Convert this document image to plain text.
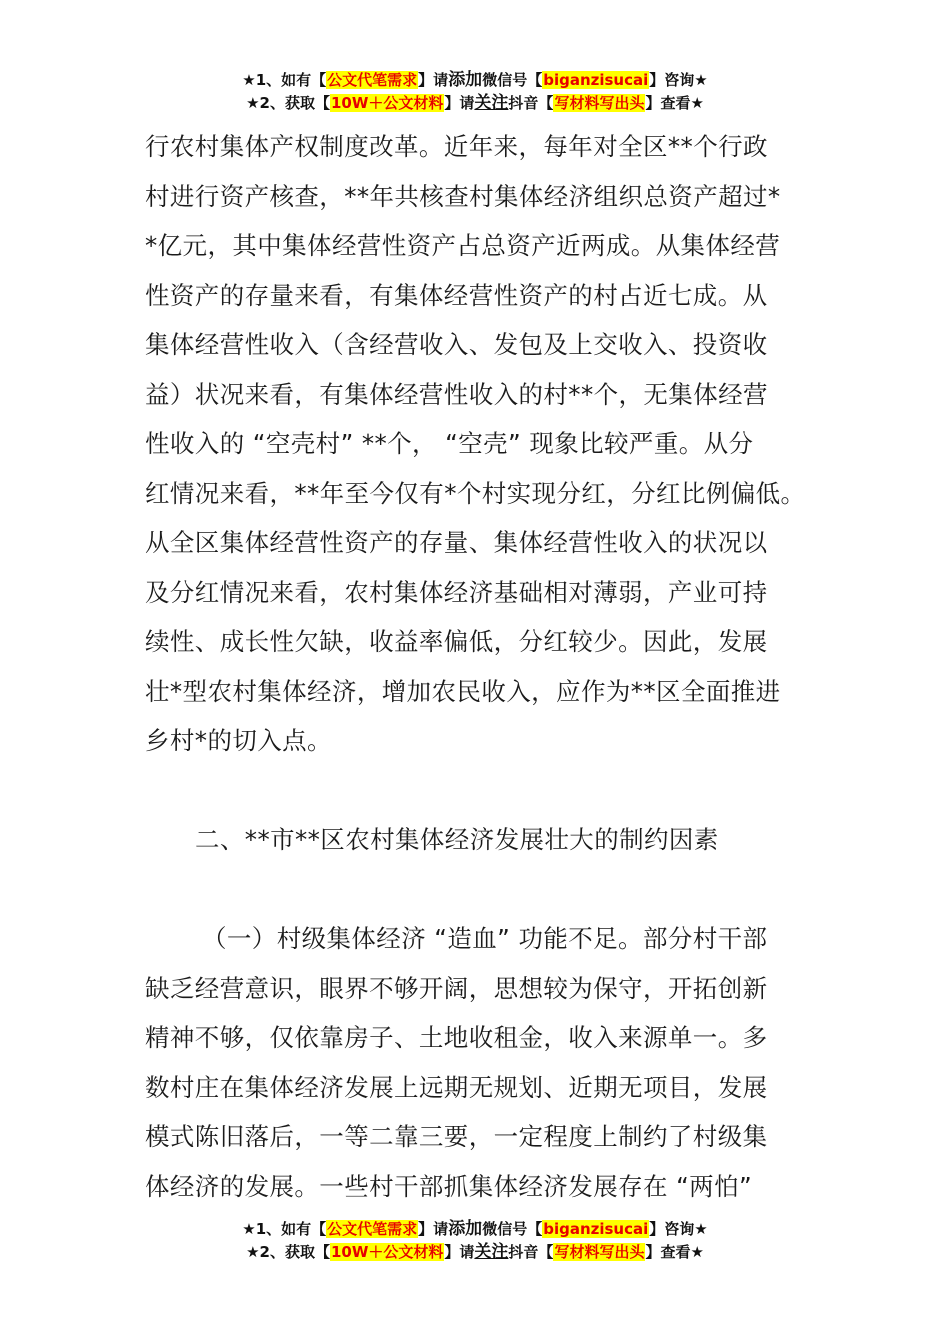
★1、如有【公文代笔需求】请添加微信号【biganzisucai】咨询★
★2、获取【10W＋公文材料】请关注抖音【写材料写出头】查看★
行农村集体产权制度改革。近年来，每年对全区**个行政
村进行资产核查，**年共核查村集体经济组织总资产超过*
*亿元，其中集体经营性资产占总资产近两成。从集体经营
性资产的存量来看，有集体经营性资产的村占近七成。从
集体经营性收入（含经营收入、发包及上交收入、投资收
益）状况来看，有集体经营性收入的村**个，无集体经营
性收入的 “空壳村” **个， “空壳” 现象比较严重。从分
红情况来看，**年至今仅有*个村实现分红，分红比例偏低。
从全区集体经营性资产的存量、集体经营性收入的状况以
及分红情况来看，农村集体经济基础相对薄弱，产业可持
续性、成长性欠缺，收益率偏低，分红较少。因此，发展
壮*型农村集体经济，增加农民收入，应作为**区全面推进
乡村*的切入点。
二、**市**区农村集体经济发展壮大的制约因素
（一）村级集体经济 “造血” 功能不足。部分村干部
缺乏经营意识，眼界不够开阔，思想较为保守，开拓创新
精神不够，仅依靠房子、土地收租金，收入来源单一。多
数村庄在集体经济发展上远期无规划、近期无项目，发展
模式陈旧落后，一等二靠三要，一定程度上制约了村级集
体经济的发展。一些村干部抓集体经济发展存在 “两怕”
★1、如有【公文代笔需求】请添加微信号【biganzisucai】咨询★
★2、获取【10W＋公文材料】请关注抖音【写材料写出头】查看★
